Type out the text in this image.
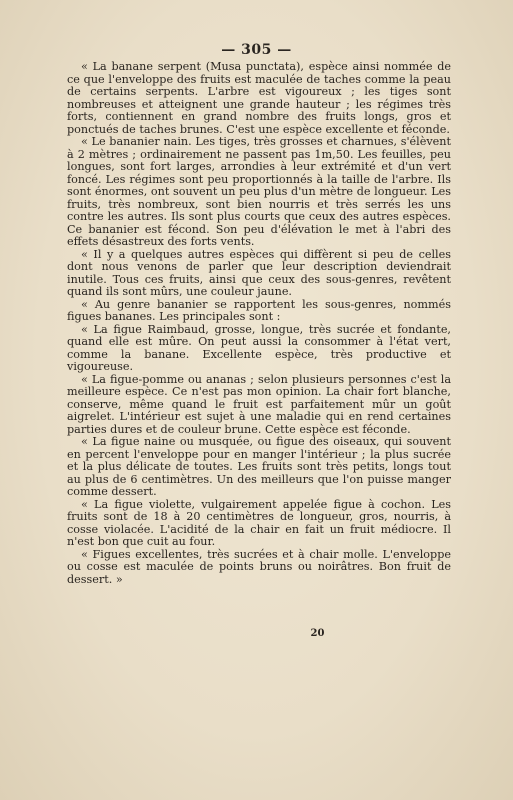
— 305 —

« La banane serpent (Musa punctata), espèce ainsi nommée de ce que l'enveloppe des fruits est maculée de taches comme la peau de certains serpents. L'arbre est vigoureux ; les tiges sont nombreuses et atteignent une grande hauteur ; les régimes très forts, contiennent en grand nombre des fruits longs, gros et ponctués de taches brunes. C'est une espèce excellente et féconde.

« Le bananier nain. Les tiges, très grosses et charnues, s'élèvent à 2 mètres ; ordinairement ne passent pas 1m,50. Les feuilles, peu longues, sont fort larges, arrondies à leur extrémité et d'un vert foncé. Les régimes sont peu proportionnés à la taille de l'arbre. Ils sont énormes, ont souvent un peu plus d'un mètre de longueur. Les fruits, très nombreux, sont bien nourris et très serrés les uns contre les autres. Ils sont plus courts que ceux des autres espèces. Ce bananier est fécond. Son peu d'élévation le met à l'abri des effets désastreux des forts vents.

« Il y a quelques autres espèces qui diffèrent si peu de celles dont nous venons de parler que leur description deviendrait inutile. Tous ces fruits, ainsi que ceux des sous-genres, revêtent quand ils sont mûrs, une couleur jaune.

« Au genre bananier se rapportent les sous-genres, nommés figues bananes. Les principales sont :

« La figue Raimbaud, grosse, longue, très sucrée et fondante, quand elle est mûre. On peut aussi la consommer à l'état vert, comme la banane. Excellente espèce, très productive et vigoureuse.

« La figue-pomme ou ananas ; selon plusieurs personnes c'est la meilleure espèce. Ce n'est pas mon opinion. La chair fort blanche, conserve, même quand le fruit est parfaitement mûr un goût aigrelet. L'intérieur est sujet à une maladie qui en rend certaines parties dures et de couleur brune. Cette espèce est féconde.

« La figue naine ou musquée, ou figue des oiseaux, qui souvent en percent l'enveloppe pour en manger l'intérieur ; la plus sucrée et la plus délicate de toutes. Les fruits sont très petits, longs tout au plus de 6 centimètres. Un des meilleurs que l'on puisse manger comme dessert.

« La figue violette, vulgairement appelée figue à cochon. Les fruits sont de 18 à 20 centimètres de longueur, gros, nourris, à cosse violacée. L'acidité de la chair en fait un fruit médiocre. Il n'est bon que cuit au four.

« Figues excellentes, très sucrées et à chair molle. L'enveloppe ou cosse est maculée de points bruns ou noirâtres. Bon fruit de dessert. »

20
